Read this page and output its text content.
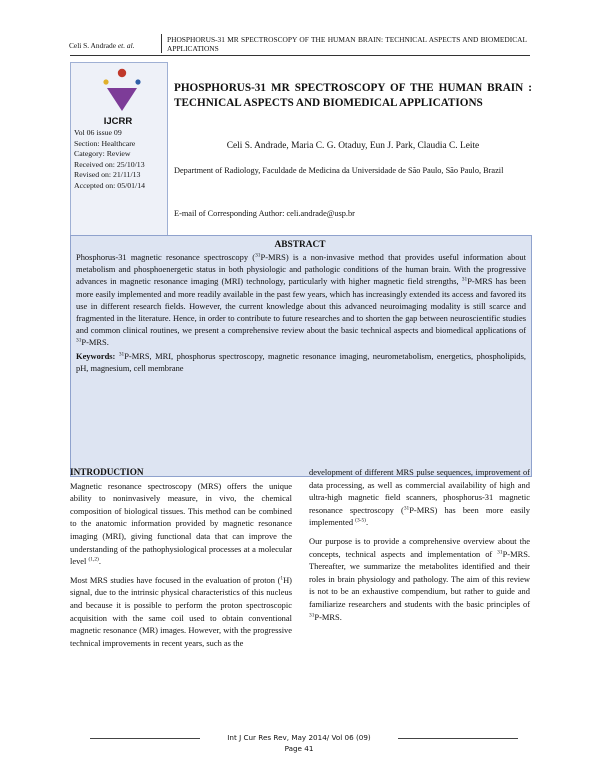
Celi S. Andrade et. al.
PHOSPHORUS-31 MR SPECTROSCOPY OF THE HUMAN BRAIN: TECHNICAL ASPECTS AND BIOMEDICAL APPLICATIONS
IJCRR
Vol 06 issue 09
Section: Healthcare
Category: Review
Received on: 25/10/13
Revised on: 21/11/13
Accepted on: 05/01/14
PHOSPHORUS-31 MR SPECTROSCOPY OF THE HUMAN BRAIN : TECHNICAL ASPECTS AND BIOMEDICAL APPLICATIONS
Celi S. Andrade, Maria C. G. Otaduy, Eun J. Park, Claudia C. Leite
Department of Radiology, Faculdade de Medicina da Universidade de São Paulo, São Paulo, Brazil
E-mail of Corresponding Author: celi.andrade@usp.br
ABSTRACT

Phosphorus-31 magnetic resonance spectroscopy ($^{31}$P-MRS) is a non-invasive method that provides useful information about metabolism and phosphoenergetic status in both physiologic and pathologic conditions of the human brain. With the progressive advances in magnetic resonance imaging (MRI) technology, particularly with higher magnetic field strengths, $^{31}$P-MRS has been more easily implemented and more readily available in the past few years, which has increasingly extended its access and favored its use in different research fields. However, the current knowledge about this advanced neuroimaging modality is still scarce and fragmented in the literature. Hence, in order to contribute to future researches and to shorten the gap between neuroscientific studies and common clinical routines, we present a comprehensive review about the basic technical aspects and biomedical applications of $^{31}$P-MRS.

Keywords: $^{31}$P-MRS, MRI, phosphorus spectroscopy, magnetic resonance imaging, neurometabolism, energetics, phospholipids, pH, magnesium, cell membrane

INTRODUCTION

Magnetic resonance spectroscopy (MRS) offers the unique ability to noninvasively measure, in vivo, the chemical composition of biological tissues. This method can be combined to the anatomic information provided by magnetic resonance imaging (MRI), giving functional data that can improve the understanding of the pathophysiological processes at a molecular level $^{(1,2)}$.

Most MRS studies have focused in the evaluation of proton ($^1$H) signal, due to the intrinsic physical characteristics of this nucleus and because it is possible to perform the proton spectroscopic acquisition with the same coil used to obtain conventional magnetic resonance (MR) images. However, with the progressive technical improvements in recent years, such as the

development of different MRS pulse sequences, improvement of data processing, as well as commercial availability of high and ultra-high magnetic field scanners, phosphorus-31 magnetic resonance spectroscopy ($^{31}$P-MRS) has been more easily implemented $^{(3-5)}$.

Our purpose is to provide a comprehensive overview about the concepts, technical aspects and implementation of $^{31}$P-MRS. Thereafter, we summarize the metabolites identified and their roles in brain physiology and pathology. The aim of this review is not to be an exhaustive compendium, but rather to guide and familiarize researchers and students with the basic principles of $^{31}$P-MRS.

Int J Cur Res Rev, May 2014/ Vol 06 (09)
Page 41
